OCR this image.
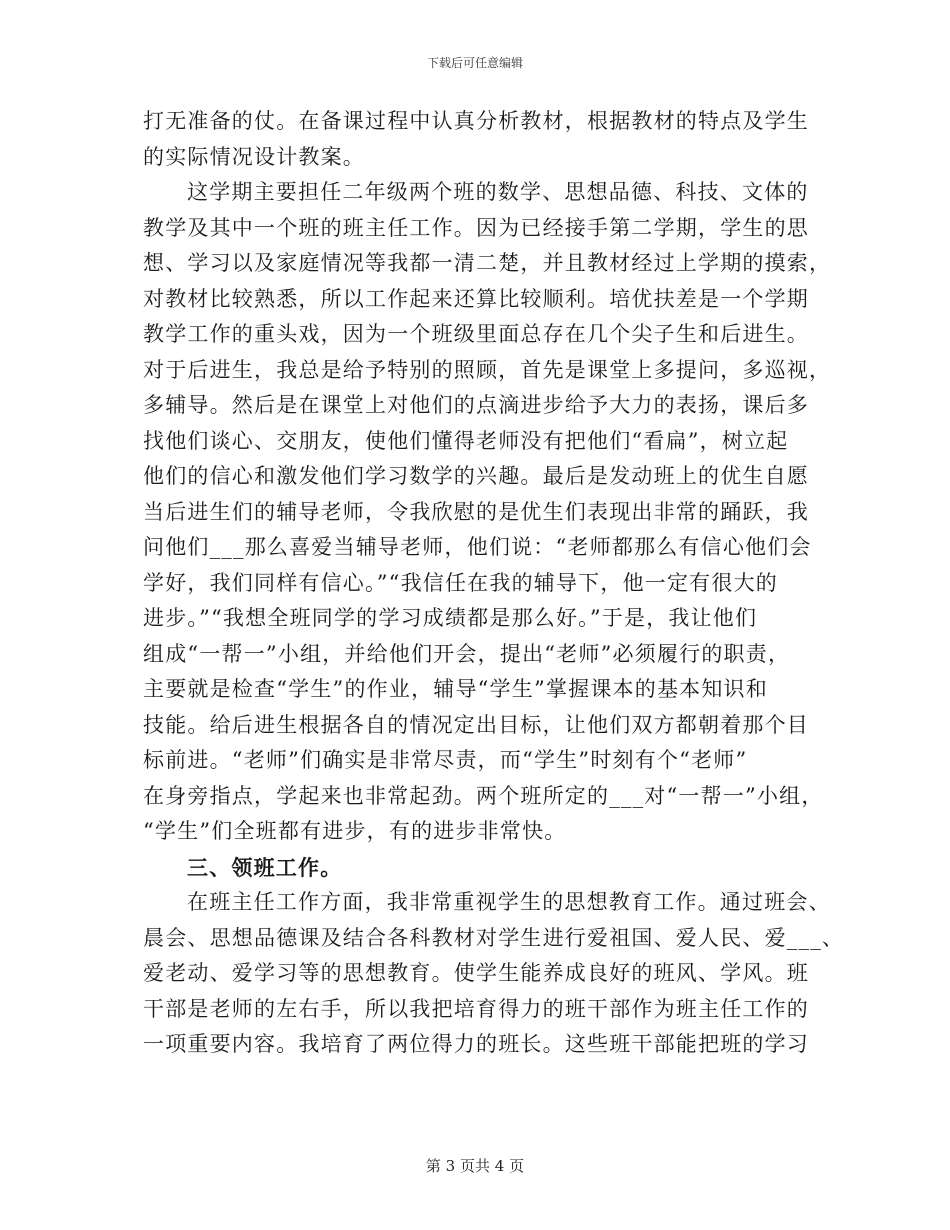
下载后可任意编辑
打无准备的仗。在备课过程中认真分析教材，根据教材的特点及学生
的实际情况设计教案。
这学期主要担任二年级两个班的数学、思想品德、科技、文体的
教学及其中一个班的班主任工作。因为已经接手第二学期，学生的思
想、学习以及家庭情况等我都一清二楚，并且教材经过上学期的摸索，
对教材比较熟悉，所以工作起来还算比较顺利。培优扶差是一个学期
教学工作的重头戏，因为一个班级里面总存在几个尖子生和后进生。
对于后进生，我总是给予特别的照顾，首先是课堂上多提问，多巡视，
多辅导。然后是在课堂上对他们的点滴进步给予大力的表扬，课后多
找他们谈心、交朋友，使他们懂得老师没有把他们“看扁”，树立起
他们的信心和激发他们学习数学的兴趣。最后是发动班上的优生自愿
当后进生们的辅导老师，令我欣慰的是优生们表现出非常的踊跃，我
问他们___那么喜爱当辅导老师，他们说：“老师都那么有信心他们会
学好，我们同样有信心。”“我信任在我的辅导下，他一定有很大的
进步。”“我想全班同学的学习成绩都是那么好。”于是，我让他们
组成“一帮一”小组，并给他们开会，提出“老师”必须履行的职责，
主要就是检查“学生”的作业，辅导“学生”掌握课本的基本知识和
技能。给后进生根据各自的情况定出目标，让他们双方都朝着那个目
标前进。“老师”们确实是非常尽责，而“学生”时刻有个“老师”
在身旁指点，学起来也非常起劲。两个班所定的___对“一帮一”小组，
“学生”们全班都有进步，有的进步非常快。
三、领班工作。
在班主任工作方面，我非常重视学生的思想教育工作。通过班会、
晨会、思想品德课及结合各科教材对学生进行爱祖国、爱人民、爱___、
爱老动、爱学习等的思想教育。使学生能养成良好的班风、学风。班
干部是老师的左右手，所以我把培育得力的班干部作为班主任工作的
一项重要内容。我培育了两位得力的班长。这些班干部能把班的学习
第 3 页共 4 页
